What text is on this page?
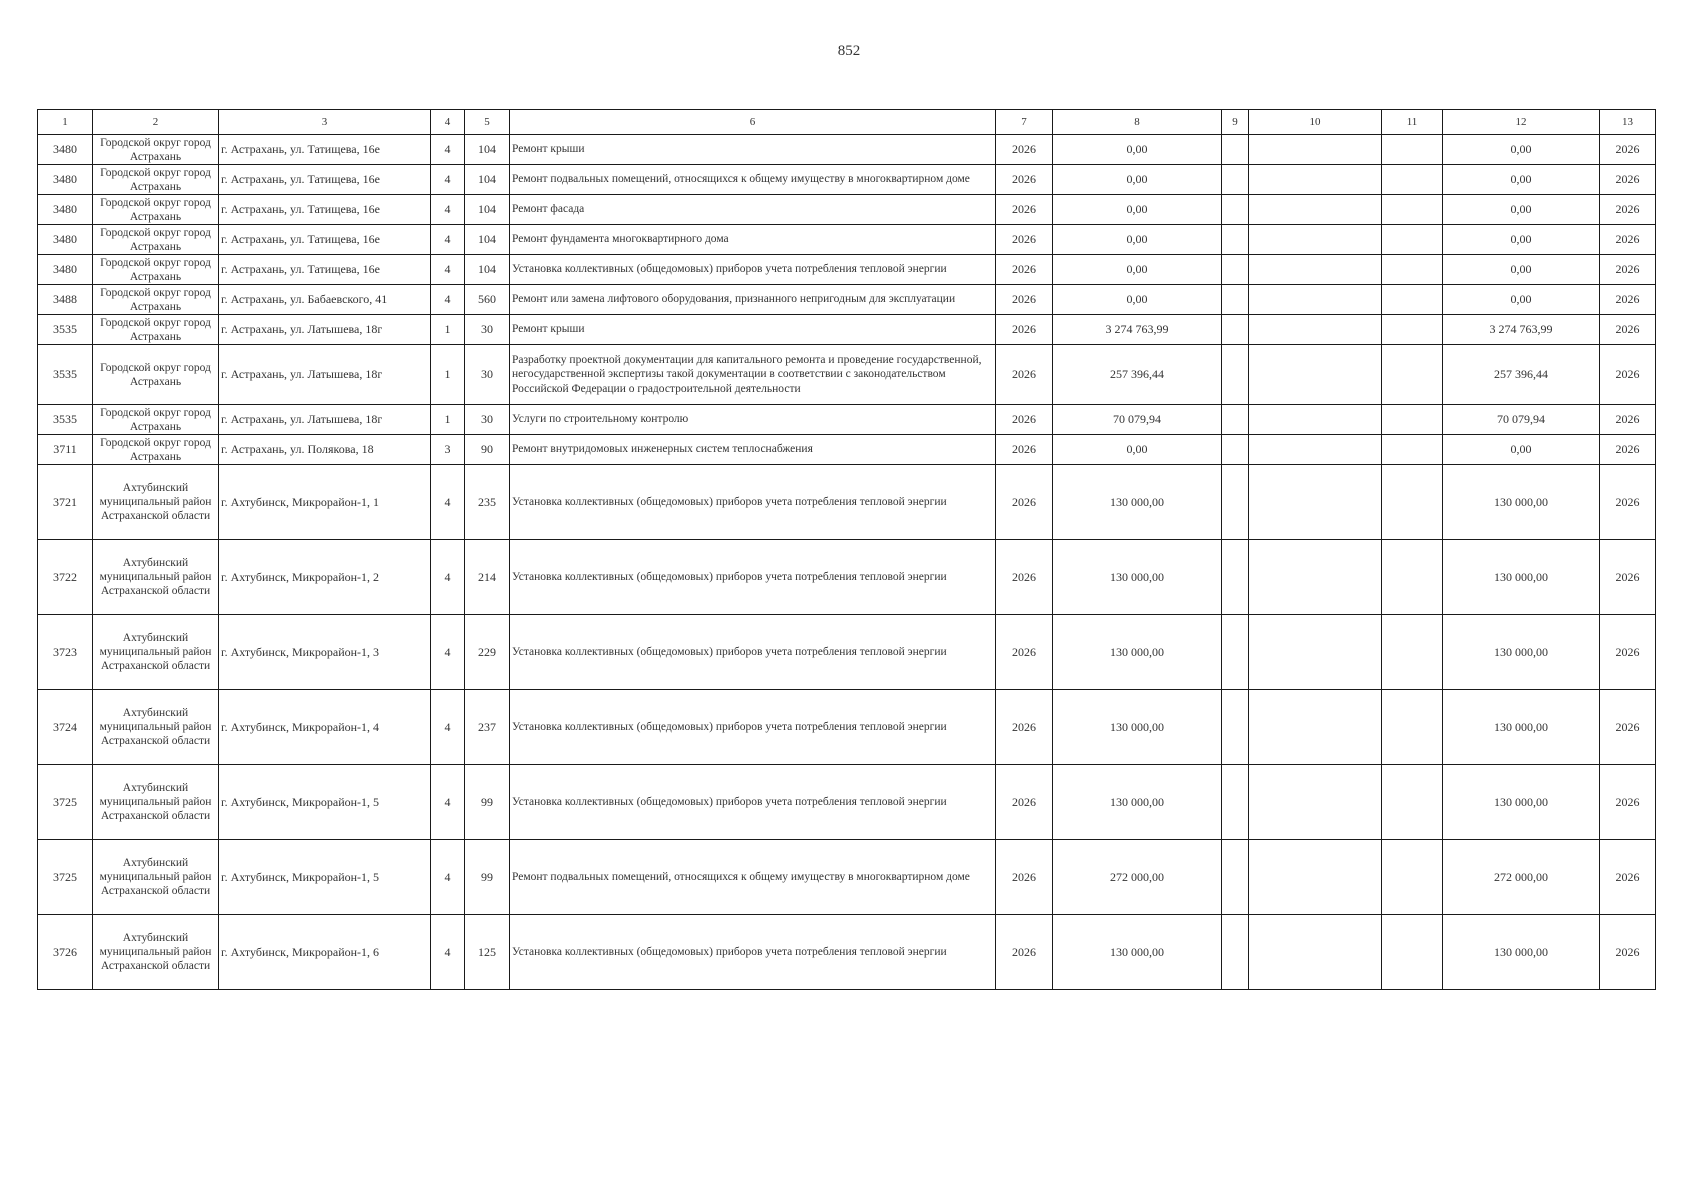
852
1	2	3	4	5	6	7	8	9	10	11	12	13
3480	Городской округ город Астрахань	г. Астрахань, ул. Татищева, 16е	4	104	Ремонт крыши	2026	0,00				0,00	2026
3480	Городской округ город Астрахань	г. Астрахань, ул. Татищева, 16е	4	104	Ремонт подвальных помещений, относящихся к общему имуществу в многоквартирном доме	2026	0,00				0,00	2026
3480	Городской округ город Астрахань	г. Астрахань, ул. Татищева, 16е	4	104	Ремонт фасада	2026	0,00				0,00	2026
3480	Городской округ город Астрахань	г. Астрахань, ул. Татищева, 16е	4	104	Ремонт фундамента многоквартирного дома	2026	0,00				0,00	2026
3480	Городской округ город Астрахань	г. Астрахань, ул. Татищева, 16е	4	104	Установка коллективных (общедомовых) приборов учета потребления тепловой энергии	2026	0,00				0,00	2026
3488	Городской округ город Астрахань	г. Астрахань, ул. Бабаевского, 41	4	560	Ремонт или замена лифтового оборудования, признанного непригодным для эксплуатации	2026	0,00				0,00	2026
3535	Городской округ город Астрахань	г. Астрахань, ул. Латышева, 18г	1	30	Ремонт крыши	2026	3 274 763,99				3 274 763,99	2026
3535	Городской округ город Астрахань	г. Астрахань, ул. Латышева, 18г	1	30	Разработку проектной документации для капитального ремонта и проведение государственной, негосударственной экспертизы такой документации в соответствии с законодательством Российской Федерации о градостроительной деятельности	2026	257 396,44				257 396,44	2026
3535	Городской округ город Астрахань	г. Астрахань, ул. Латышева, 18г	1	30	Услуги по строительному контролю	2026	70 079,94				70 079,94	2026
3711	Городской округ город Астрахань	г. Астрахань, ул. Полякова, 18	3	90	Ремонт внутридомовых инженерных систем теплоснабжения	2026	0,00				0,00	2026
3721	Ахтубинский муниципальный район Астраханской области	г. Ахтубинск, Микрорайон-1, 1	4	235	Установка коллективных (общедомовых) приборов учета потребления тепловой энергии	2026	130 000,00				130 000,00	2026
3722	Ахтубинский муниципальный район Астраханской области	г. Ахтубинск, Микрорайон-1, 2	4	214	Установка коллективных (общедомовых) приборов учета потребления тепловой энергии	2026	130 000,00				130 000,00	2026
3723	Ахтубинский муниципальный район Астраханской области	г. Ахтубинск, Микрорайон-1, 3	4	229	Установка коллективных (общедомовых) приборов учета потребления тепловой энергии	2026	130 000,00				130 000,00	2026
3724	Ахтубинский муниципальный район Астраханской области	г. Ахтубинск, Микрорайон-1, 4	4	237	Установка коллективных (общедомовых) приборов учета потребления тепловой энергии	2026	130 000,00				130 000,00	2026
3725	Ахтубинский муниципальный район Астраханской области	г. Ахтубинск, Микрорайон-1, 5	4	99	Установка коллективных (общедомовых) приборов учета потребления тепловой энергии	2026	130 000,00				130 000,00	2026
3725	Ахтубинский муниципальный район Астраханской области	г. Ахтубинск, Микрорайон-1, 5	4	99	Ремонт подвальных помещений, относящихся к общему имуществу в многоквартирном доме	2026	272 000,00				272 000,00	2026
3726	Ахтубинский муниципальный район Астраханской области	г. Ахтубинск, Микрорайон-1, 6	4	125	Установка коллективных (общедомовых) приборов учета потребления тепловой энергии	2026	130 000,00				130 000,00	2026
